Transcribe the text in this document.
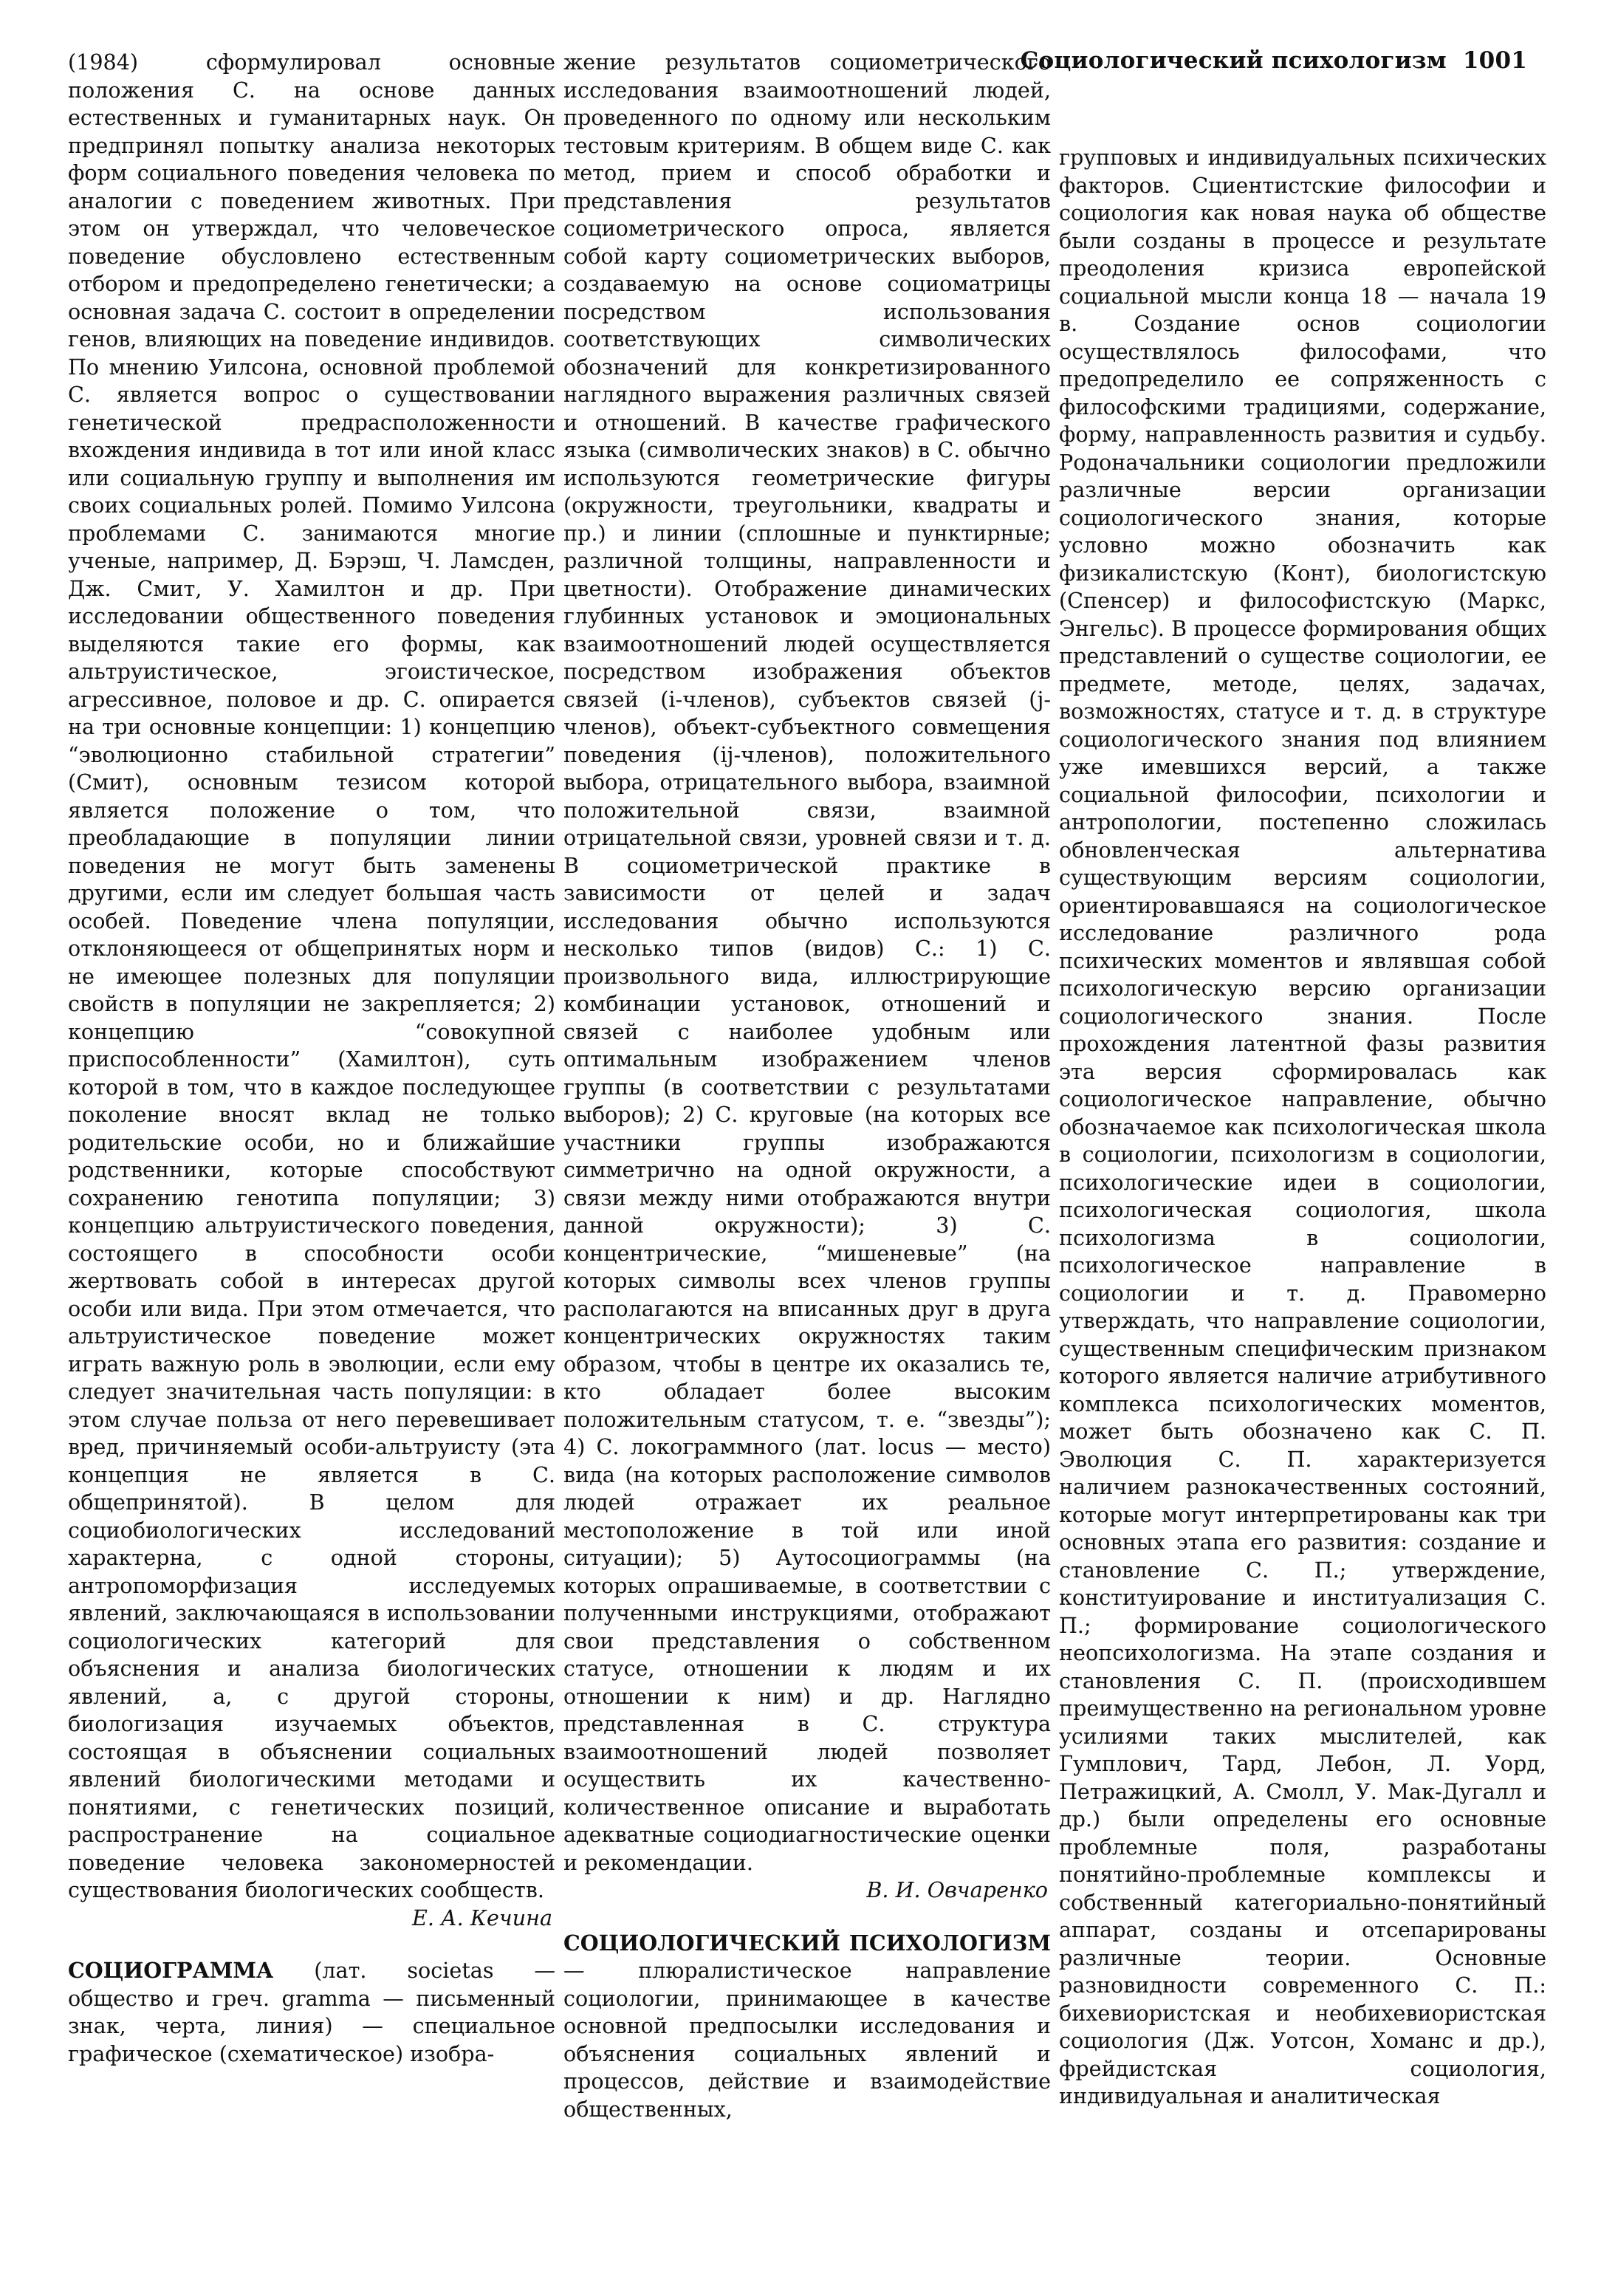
Социологический психологизм 1001

(1984) сформулировал основные положения С. на основе данных естественных и гуманитарных наук. Он предпринял попытку анализа некоторых форм социального поведения человека по аналогии с поведением животных. При этом он утверждал, что человеческое поведение обусловлено естественным отбором и предопределено генетически; а основная задача С. состоит в определении генов, влияющих на поведение индивидов. По мнению Уилсона, основной проблемой С. является вопрос о существовании генетической предрасположенности вхождения индивида в тот или иной класс или социальную группу и выполнения им своих социальных ролей. Помимо Уилсона проблемами С. занимаются многие ученые, например, Д. Бэрэш, Ч. Ламсден, Дж. Смит, У. Хамилтон и др. При исследовании общественного поведения выделяются такие его формы, как альтруистическое, эгоистическое, агрессивное, половое и др. С. опирается на три основные концепции: 1) концепцию “эволюционно стабильной стратегии” (Смит), основным тезисом которой является положение о том, что преобладающие в популяции линии поведения не могут быть заменены другими, если им следует большая часть особей. Поведение члена популяции, отклоняющееся от общепринятых норм и не имеющее полезных для популяции свойств в популяции не закрепляется; 2) концепцию “совокупной приспособленности” (Хамилтон), суть которой в том, что в каждое последующее поколение вносят вклад не только родительские особи, но и ближайшие родственники, которые способствуют сохранению генотипа популяции; 3) концепцию альтруистического поведения, состоящего в способности особи жертвовать собой в интересах другой особи или вида. При этом отмечается, что альтруистическое поведение может играть важную роль в эволюции, если ему следует значительная часть популяции: в этом случае польза от него перевешивает вред, причиняемый особи-альтруисту (эта концепция не является в С. общепринятой). В целом для социобиологических исследований характерна, с одной стороны, антропоморфизация исследуемых явлений, заключающаяся в использовании социологических категорий для объяснения и анализа биологических явлений, а, с другой стороны, биологизация изучаемых объектов, состоящая в объяснении социальных явлений биологическими методами и понятиями, с генетических позиций, распространение на социальное поведение человека закономерностей существования биологических сообществ.

Е. А. Кечина

СОЦИОГРАММА (лат. societas — общество и греч. gramma — письменный знак, черта, линия) — специальное графическое (схематическое) изобра-

жение результатов социометрического исследования взаимоотношений людей, проведенного по одному или нескольким тестовым критериям. В общем виде С. как метод, прием и способ обработки и представления результатов социометрического опроса, является собой карту социометрических выборов, создаваемую на основе социоматрицы посредством использования соответствующих символических обозначений для конкретизированного наглядного выражения различных связей и отношений. В качестве графического языка (символических знаков) в С. обычно используются геометрические фигуры (окружности, треугольники, квадраты и пр.) и линии (сплошные и пунктирные; различной толщины, направленности и цветности). Отображение динамических глубинных установок и эмоциональных взаимоотношений людей осуществляется посредством изображения объектов связей (i-членов), субъектов связей (j-членов), объект-субъектного совмещения поведения (ij-членов), положительного выбора, отрицательного выбора, взаимной положительной связи, взаимной отрицательной связи, уровней связи и т. д. В социометрической практике в зависимости от целей и задач исследования обычно используются несколько типов (видов) С.: 1) С. произвольного вида, иллюстрирующие комбинации установок, отношений и связей с наиболее удобным или оптимальным изображением членов группы (в соответствии с результатами выборов); 2) С. круговые (на которых все участники группы изображаются симметрично на одной окружности, а связи между ними отображаются внутри данной окружности); 3) С. концентрические, “мишеневые” (на которых символы всех членов группы располагаются на вписанных друг в друга концентрических окружностях таким образом, чтобы в центре их оказались те, кто обладает более высоким положительным статусом, т. е. “звезды”); 4) С. локограммного (лат. locus — место) вида (на которых расположение символов людей отражает их реальное местоположение в той или иной ситуации); 5) Аутосоциограммы (на которых опрашиваемые, в соответствии с полученными инструкциями, отображают свои представления о собственном статусе, отношении к людям и их отношении к ним) и др. Наглядно представленная в С. структура взаимоотношений людей позволяет осуществить их качественно-количественное описание и выработать адекватные социодиагностические оценки и рекомендации.

В. И. Овчаренко

СОЦИОЛОГИЧЕСКИЙ ПСИХОЛОГИЗМ — плюралистическое направление социологии, принимающее в качестве основной предпосылки исследования и объяснения социальных явлений и процессов, действие и взаимодействие общественных,

групповых и индивидуальных психических факторов. Сциентистские философии и социология как новая наука об обществе были созданы в процессе и результате преодоления кризиса европейской социальной мысли конца 18 — начала 19 в. Создание основ социологии осуществлялось философами, что предопределило ее сопряженность с философскими традициями, содержание, форму, направленность развития и судьбу. Родоначальники социологии предложили различные версии организации социологического знания, которые условно можно обозначить как физикалистскую (Конт), биологистскую (Спенсер) и философистскую (Маркс, Энгельс). В процессе формирования общих представлений о существе социологии, ее предмете, методе, целях, задачах, возможностях, статусе и т. д. в структуре социологического знания под влиянием уже имевшихся версий, а также социальной философии, психологии и антропологии, постепенно сложилась обновленческая альтернатива существующим версиям социологии, ориентировавшаяся на социологическое исследование различного рода психических моментов и являвшая собой психологическую версию организации социологического знания. После прохождения латентной фазы развития эта версия сформировалась как социологическое направление, обычно обозначаемое как психологическая школа в социологии, психологизм в социологии, психологические идеи в социологии, психологическая социология, школа психологизма в социологии, психологическое направление в социологии и т. д. Правомерно утверждать, что направление социологии, существенным специфическим признаком которого является наличие атрибутивного комплекса психологических моментов, может быть обозначено как С. П. Эволюция С. П. характеризуется наличием разнокачественных состояний, которые могут интерпретированы как три основных этапа его развития: создание и становление С. П.; утверждение, конституирование и институализация С. П.; формирование социологического неопсихологизма. На этапе создания и становления С. П. (происходившем преимущественно на региональном уровне усилиями таких мыслителей, как Гумплович, Тард, Лебон, Л. Уорд, Петражицкий, А. Смолл, У. Мак-Дугалл и др.) были определены его основные проблемные поля, разработаны понятийно-проблемные комплексы и собственный категориально-понятийный аппарат, созданы и отсепарированы различные теории. Основные разновидности современного С. П.: бихевиористская и необихевиористская социология (Дж. Уотсон, Хоманс и др.), фрейдистская социология, индивидуальная и аналитическая
